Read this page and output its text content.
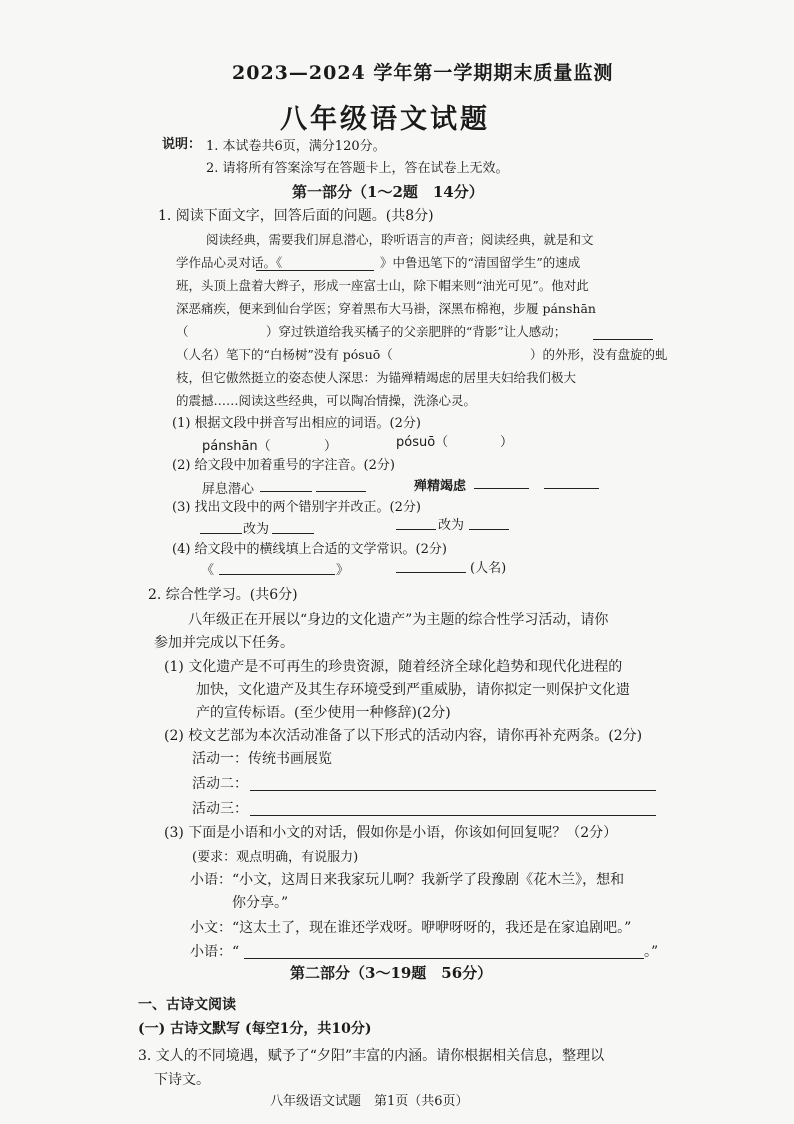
2023—2024 学年第一学期期末质量监测
八年级语文试题
说明： 1. 本试卷共6页，满分120分。
2. 请将所有答案涂写在答题卡上，答在试卷上无效。
第一部分（1～2题　14分）
1. 阅读下面文字，回答后面的问题。(共8分)
阅读经典，需要我们屏息潜心，聆听语言的声音；阅读经典，就是和文
学作品心灵对话。《	》中鲁迅笔下的“清国留学生”的速成
班，头顶上盘着大辫子，形成一座富士山，除下帽来则“油光可见”。他对此
深恶痛疾，便来到仙台学医；穿着黑布大马褂，深黑布棉袍，步履 pánshān
（	）穿过铁道给我买橘子的父亲肥胖的“背影”让人感动；
（人名）笔下的“白杨树”没有 pósuō（	）的外形，没有盘旋的虬
枝，但它傲然挺立的姿态使人深思：为锚殚精竭虑的居里夫妇给我们极大
的震撼……阅读这些经典，可以陶冶情操，洗涤心灵。
(1) 根据文段中拼音写出相应的词语。(2分)
pánshān（	）	pósuō（	）
(2) 给文段中加着重号的字注音。(2分)
屏息潜心	殚精竭虑
(3) 找出文段中的两个错别字并改正。(2分)
改为	改为
(4) 给文段中的横线填上合适的文学常识。(2分)
《	》	(人名)
2. 综合性学习。(共6分)
八年级正在开展以“身边的文化遗产”为主题的综合性学习活动，请你
参加并完成以下任务。
(1) 文化遗产是不可再生的珍贵资源，随着经济全球化趋势和现代化进程的
加快，文化遗产及其生存环境受到严重威胁，请你拟定一则保护文化遗
产的宣传标语。(至少使用一种修辞)(2分)
(2) 校文艺部为本次活动准备了以下形式的活动内容，请你再补充两条。(2分)
活动一：传统书画展览
活动二：
活动三：
(3) 下面是小语和小文的对话，假如你是小语，你该如何回复呢？（2分）
(要求：观点明确，有说服力)
小语：“小文，这周日来我家玩儿啊？我新学了段豫剧《花木兰》，想和
你分享。”
小文：“这太土了，现在谁还学戏呀。咿咿呀呀的，我还是在家追剧吧。”
小语：“	。”
第二部分（3～19题　56分）
一、古诗文阅读
(一) 古诗文默写 (每空1分，共10分)
3. 文人的不同境遇，赋予了“夕阳”丰富的内涵。请你根据相关信息，整理以
下诗文。
八年级语文试题　第1页（共6页）
